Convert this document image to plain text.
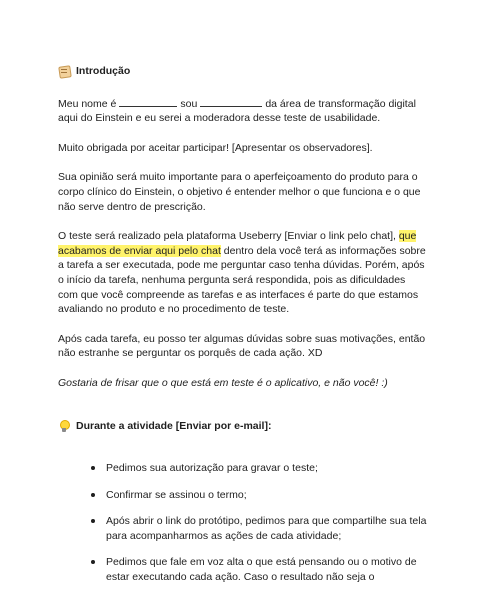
Introdução

Meu nome é	sou	da área de transformação digital aqui do Einstein e eu serei a moderadora desse teste de usabilidade.

Muito obrigada por aceitar participar! [Apresentar os observadores].

Sua opinião será muito importante para o aperfeiçoamento do produto para o corpo clínico do Einstein, o objetivo é entender melhor o que funciona e o que não serve dentro de prescrição.

O teste será realizado pela plataforma Useberry [Enviar o link pelo chat], que acabamos de enviar aqui pelo chat dentro dela você terá as informações sobre a tarefa a ser executada, pode me perguntar caso tenha dúvidas. Porém, após o início da tarefa, nenhuma pergunta será respondida, pois as dificuldades com que você compreende as tarefas e as interfaces é parte do que estamos avaliando no produto e no procedimento de teste.

Após cada tarefa, eu posso ter algumas dúvidas sobre suas motivações, então não estranhe se perguntar os porquês de cada ação. XD

Gostaria de frisar que o que está em teste é o aplicativo, e não você! :)

Durante a atividade [Enviar por e-mail]:
Pedimos sua autorização para gravar o teste;
Confirmar se assinou o termo;
Após abrir o link do protótipo, pedimos para que compartilhe sua tela para acompanharmos as ações de cada atividade;
Pedimos que fale em voz alta o que está pensando ou o motivo de estar executando cada ação. Caso o resultado não seja o
